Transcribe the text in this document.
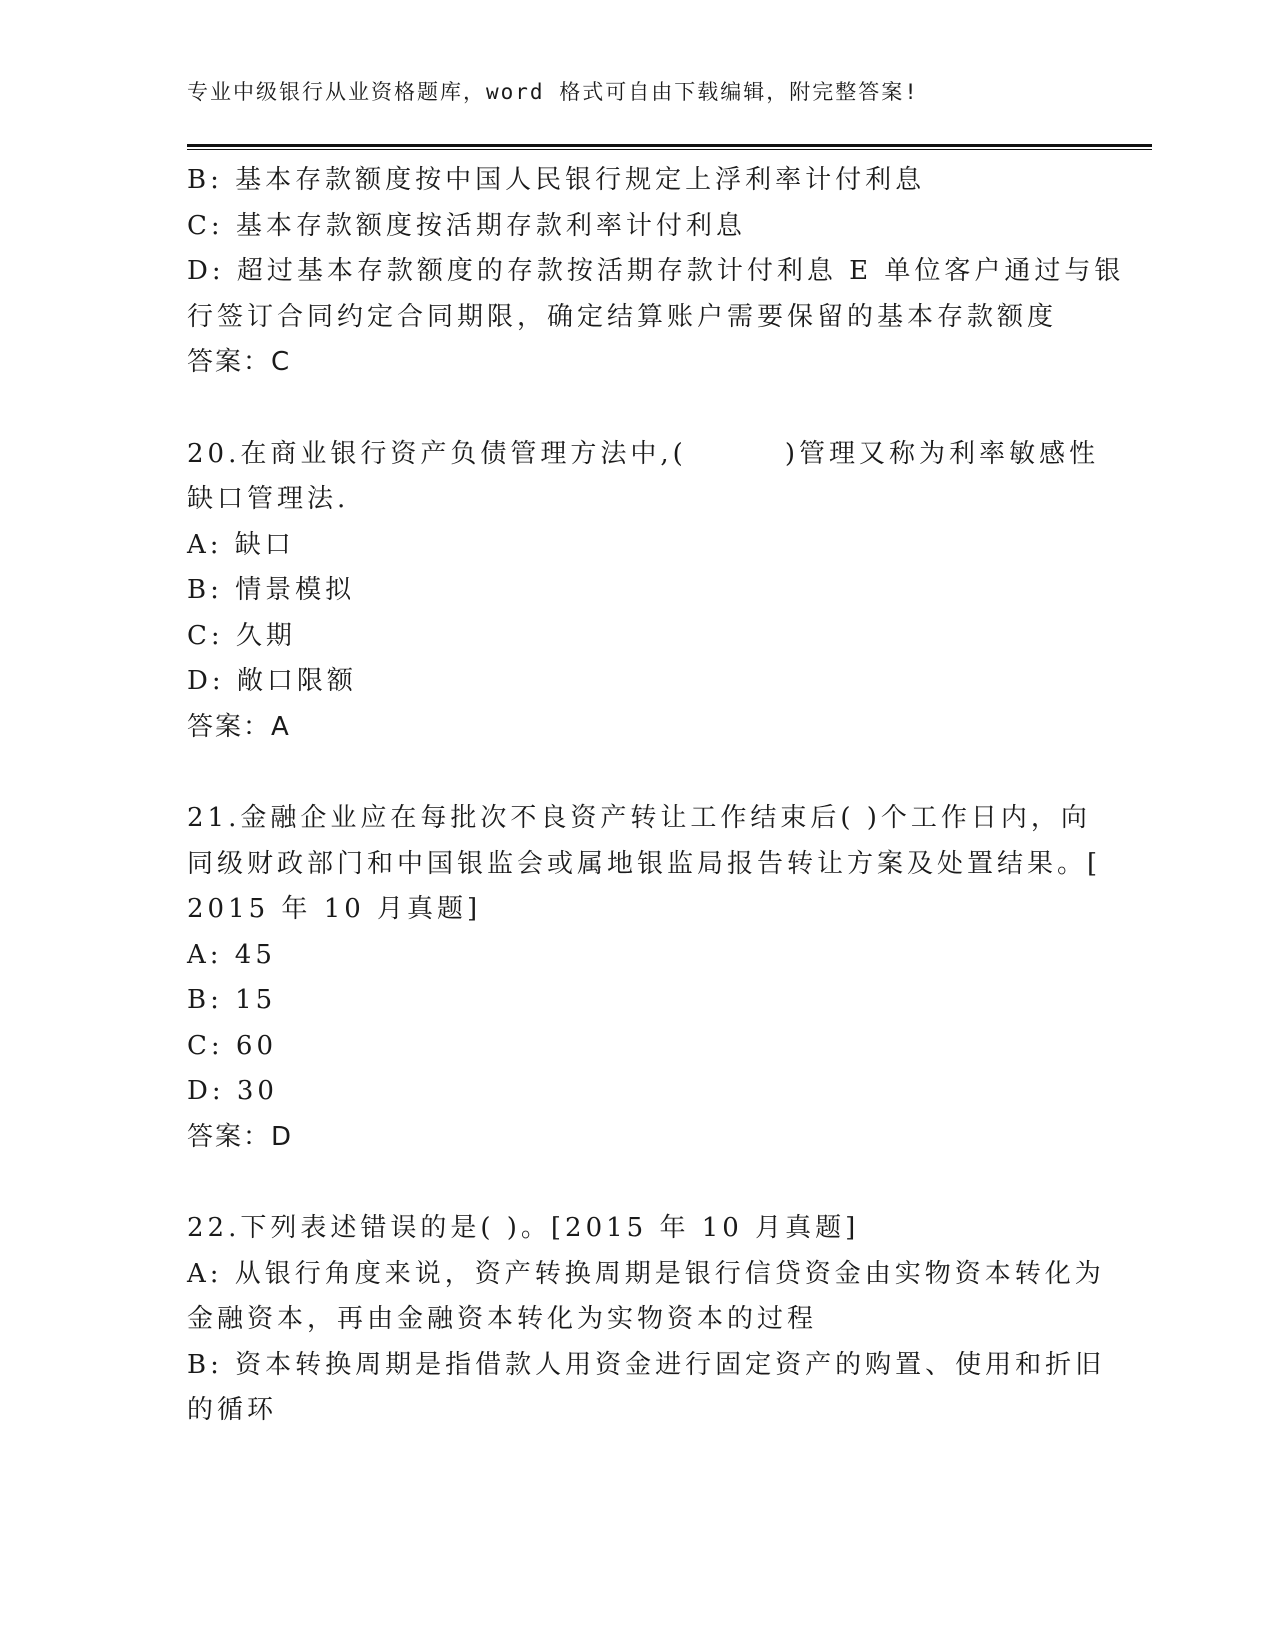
专业中级银行从业资格题库，word 格式可自由下载编辑，附完整答案!
B: 基本存款额度按中国人民银行规定上浮利率计付利息
C: 基本存款额度按活期存款利率计付利息
D: 超过基本存款额度的存款按活期存款计付利息 E 单位客户通过与银
行签订合同约定合同期限，确定结算账户需要保留的基本存款额度
答案：C
20.在商业银行资产负债管理方法中,(        )管理又称为利率敏感性
缺口管理法.
A: 缺口
B: 情景模拟
C: 久期
D: 敞口限额
答案：A
21.金融企业应在每批次不良资产转让工作结束后( )个工作日内，向
同级财政部门和中国银监会或属地银监局报告转让方案及处置结果。[
2015 年 10 月真题]
A: 45
B: 15
C: 60
D: 30
答案：D
22.下列表述错误的是( )。[2015 年 10 月真题]
A: 从银行角度来说，资产转换周期是银行信贷资金由实物资本转化为
金融资本，再由金融资本转化为实物资本的过程
B: 资本转换周期是指借款人用资金进行固定资产的购置、使用和折旧
的循环
